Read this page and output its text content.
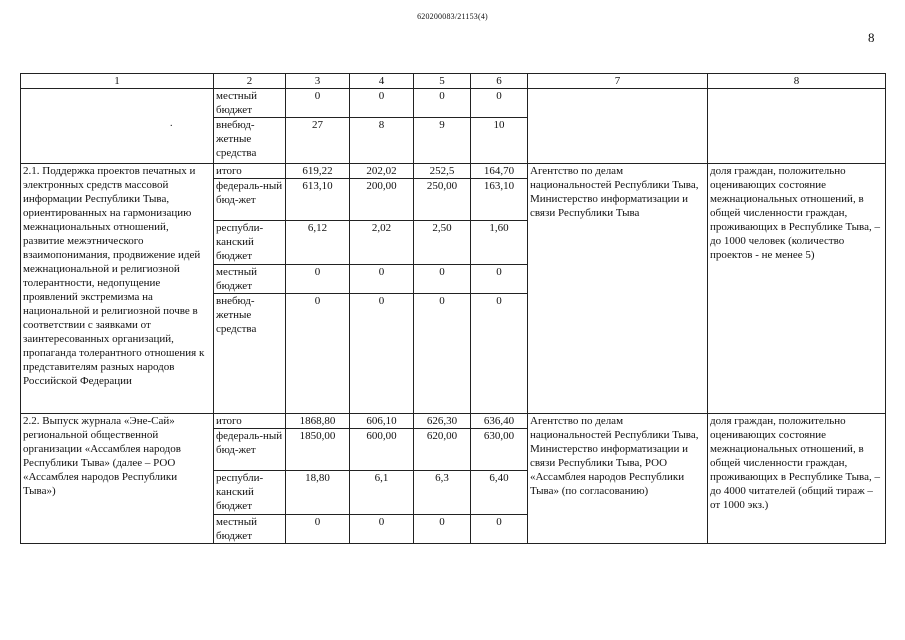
620200083/21153(4)
8
.
1	2	3	4	5	6	7	8
	местный бюджет	0	0	0	0		
	внебюд-жетные средства	27	8	9	10		
2.1. Поддержка проектов печатных и электронных средств массовой информации Республики Тыва, ориентированных на гармонизацию межнациональных отношений, развитие межэтнического взаимопонимания, продвижение идей межнациональной и религиозной толерантности, недопущение проявлений экстремизма на национальной и религиозной почве в соответствии с заявками от заинтересованных организаций, пропаганда толерантного отношения к представителям разных народов Российской Федерации	итого	619,22	202,02	252,5	164,70	Агентство по делам национальностей Республики Тыва, Министерство информатизации и связи Республики Тыва	доля граждан, положительно оценивающих состояние межнациональных отношений, в общей численности граждан, проживающих в Республике Тыва, – до 1000 человек (количество проектов - не менее 5)
	федераль-ный бюд-жет	613,10	200,00	250,00	163,10		
	республи-канский бюджет	6,12	2,02	2,50	1,60		
	местный бюджет	0	0	0	0		
	внебюд-жетные средства	0	0	0	0		
2.2. Выпуск журнала «Эне-Сай» региональной общественной организации «Ассамблея народов Республики Тыва» (далее – РОО «Ассамблея народов Республики Тыва»)	итого	1868,80	606,10	626,30	636,40	Агентство по делам национальностей Республики Тыва, Министерство информатизации и связи Республики Тыва, РОО «Ассамблея народов Республики Тыва» (по согласованию)	доля граждан, положительно оценивающих состояние межнациональных отношений, в общей численности граждан, проживающих в Республике Тыва, – до 4000 читателей (общий тираж – от 1000 экз.)
	федераль-ный бюд-жет	1850,00	600,00	620,00	630,00		
	республи-канский бюджет	18,80	6,1	6,3	6,40		
	местный бюджет	0	0	0	0		
